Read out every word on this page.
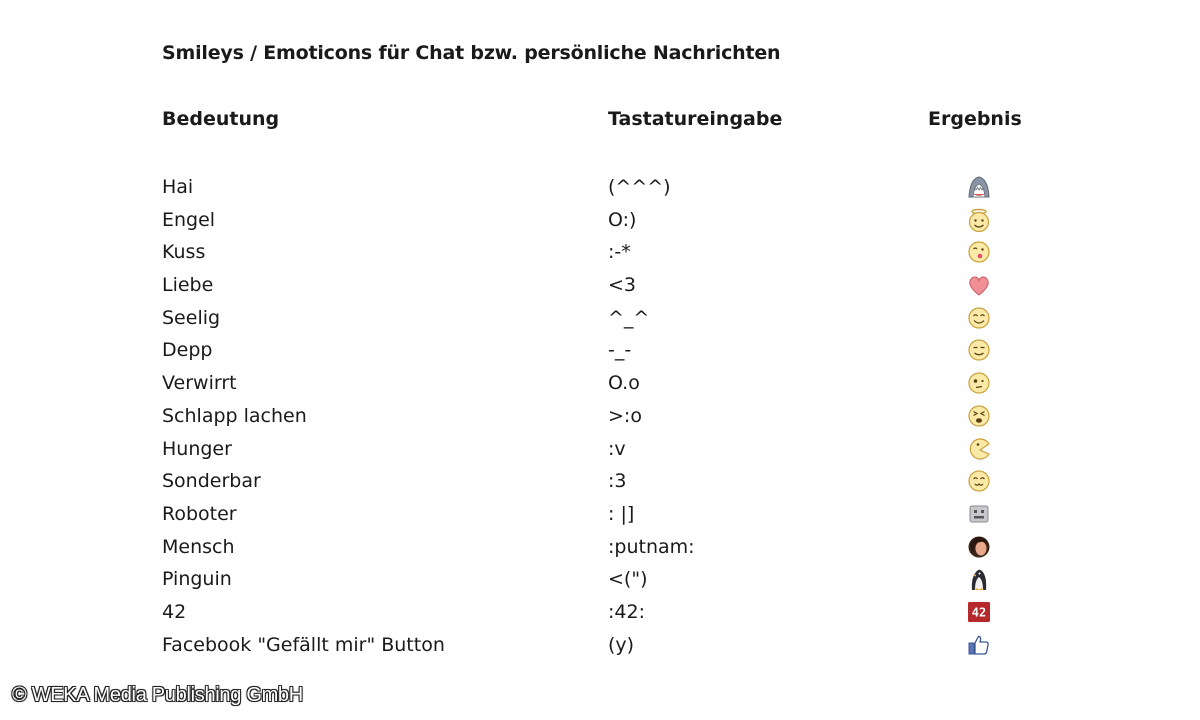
Smileys / Emoticons für Chat bzw. persönliche Nachrichten
Bedeutung	Tastatureingabe	Ergebnis
Hai	(^^^)
Engel	O:)
Kuss	:-*
Liebe	<3
Seelig	^_^
Depp	-_-
Verwirrt	O.o
Schlapp lachen	>:o
Hunger	:v
Sonderbar	:3
Roboter	: |]
Mensch	:putnam:
Pinguin	<(")
42	:42:	42
Facebook "Gefällt mir" Button	(y)
© WEKA Media Publishing GmbH
